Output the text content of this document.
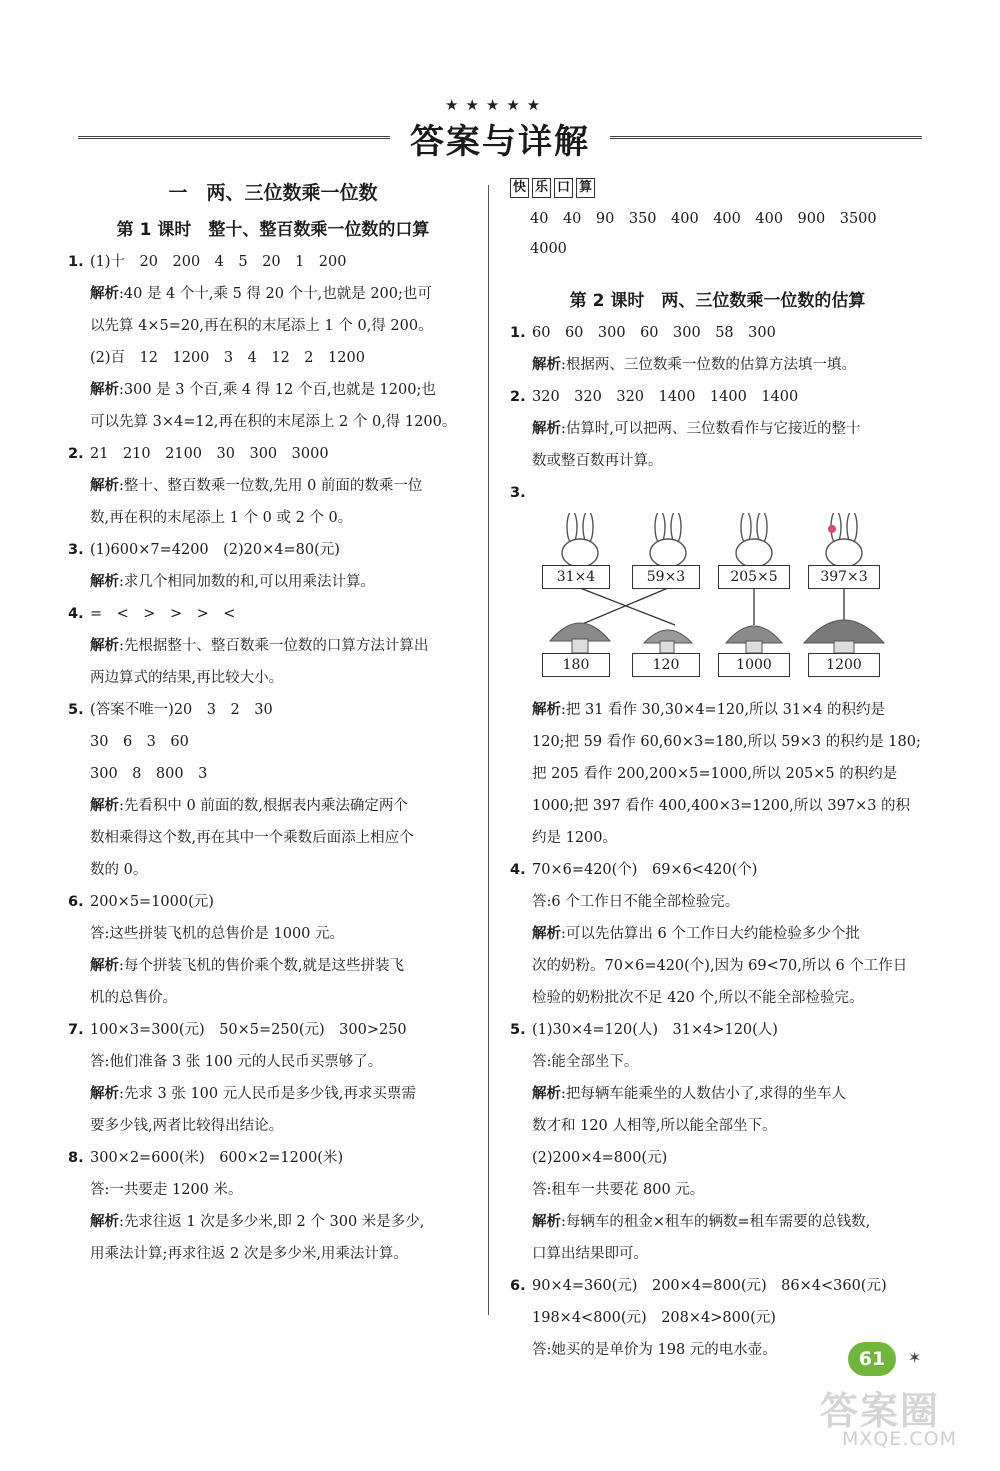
★★★★★
答案与详解
一　两、三位数乘一位数
第 1 课时　整十、整百数乘一位数的口算
1. (1)十　20　200　4　5　20　1　200
解析:40 是 4 个十,乘 5 得 20 个十,也就是 200;也可
以先算 4×5=20,再在积的末尾添上 1 个 0,得 200。
(2)百　12　1200　3　4　12　2　1200
解析:300 是 3 个百,乘 4 得 12 个百,也就是 1200;也
可以先算 3×4=12,再在积的末尾添上 2 个 0,得 1200。
2. 21　210　2100　30　300　3000
解析:整十、整百数乘一位数,先用 0 前面的数乘一位
数,再在积的末尾添上 1 个 0 或 2 个 0。
3. (1)600×7=4200　(2)20×4=80(元)
解析:求几个相同加数的和,可以用乘法计算。
4. =　<　>　>　>　<
解析:先根据整十、整百数乘一位数的口算方法计算出
两边算式的结果,再比较大小。
5. (答案不唯一)20　3　2　30
30　6　3　60
300　8　800　3
解析:先看积中 0 前面的数,根据表内乘法确定两个
数相乘得这个数,再在其中一个乘数后面添上相应个
数的 0。
6. 200×5=1000(元)
答:这些拼装飞机的总售价是 1000 元。
解析:每个拼装飞机的售价乘个数,就是这些拼装飞
机的总售价。
7. 100×3=300(元)　50×5=250(元)　300>250
答:他们准备 3 张 100 元的人民币买票够了。
解析:先求 3 张 100 元人民币是多少钱,再求买票需
要多少钱,两者比较得出结论。
8. 300×2=600(米)　600×2=1200(米)
答:一共要走 1200 米。
解析:先求往返 1 次是多少米,即 2 个 300 米是多少,
用乘法计算;再求往返 2 次是多少米,用乘法计算。
快 乐 口 算
40　40　90　350　400　400　400　900　3500　4000
第 2 课时　两、三位数乘一位数的估算
1. 60　60　300　60　300　58　300
解析:根据两、三位数乘一位数的估算方法填一填。
2. 320　320　320　1400　1400　1400
解析:估算时,可以把两、三位数看作与它接近的整十
数或整百数再计算。
3.
31×4	59×3	205×5	397×3
180	120	1000	1200
解析:把 31 看作 30,30×4=120,所以 31×4 的积约是
120;把 59 看作 60,60×3=180,所以 59×3 的积约是 180;
把 205 看作 200,200×5=1000,所以 205×5 的积约是
1000;把 397 看作 400,400×3=1200,所以 397×3 的积
约是 1200。
4. 70×6=420(个)　69×6<420(个)
答:6 个工作日不能全部检验完。
解析:可以先估算出 6 个工作日大约能检验多少个批
次的奶粉。70×6=420(个),因为 69<70,所以 6 个工作日
检验的奶粉批次不足 420 个,所以不能全部检验完。
5. (1)30×4=120(人)　31×4>120(人)
答:能全部坐下。
解析:把每辆车能乘坐的人数估小了,求得的坐车人
数才和 120 人相等,所以能全部坐下。
(2)200×4=800(元)
答:租车一共要花 800 元。
解析:每辆车的租金×租车的辆数=租车需要的总钱数,
口算出结果即可。
6. 90×4=360(元)　200×4=800(元)　86×4<360(元)
198×4<800(元)　208×4>800(元)
答:她买的是单价为 198 元的电水壶。	61	✶
答案圈
MXQE.COM
